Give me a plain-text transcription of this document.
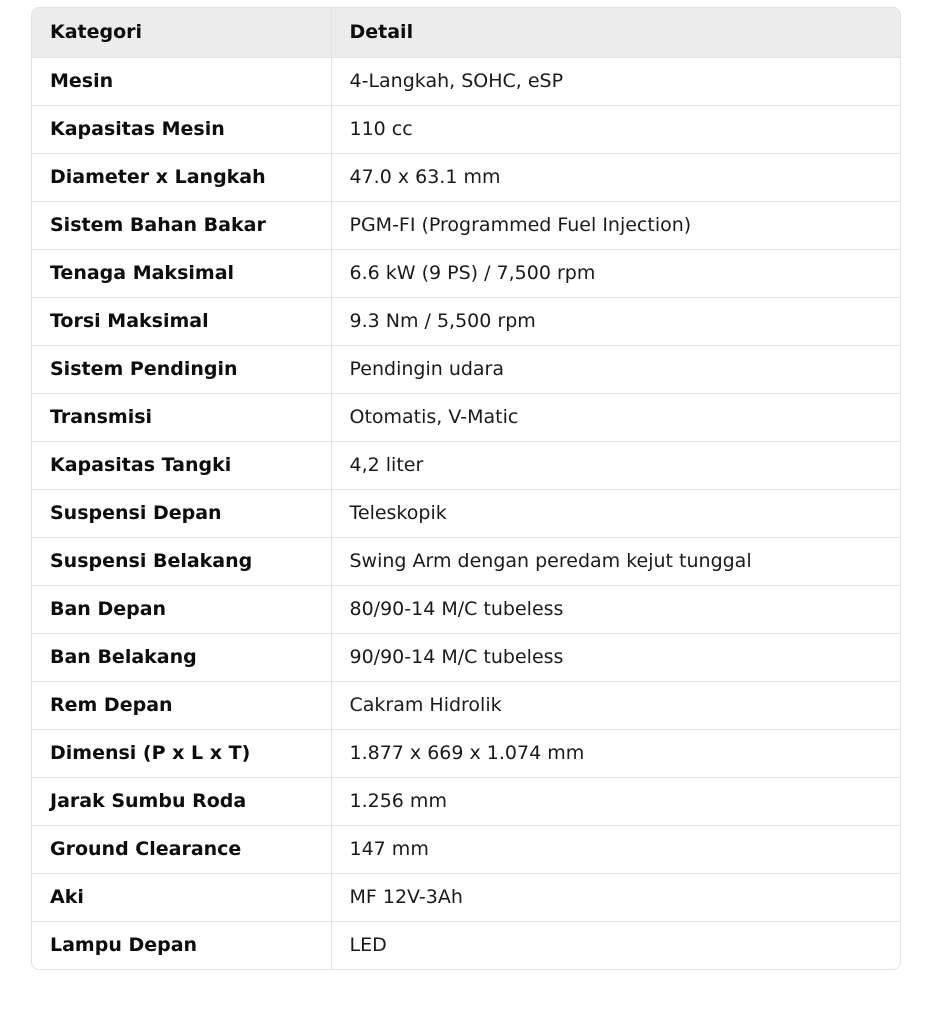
Kategori	Detail
Mesin	4-Langkah, SOHC, eSP
Kapasitas Mesin	110 cc
Diameter x Langkah	47.0 x 63.1 mm
Sistem Bahan Bakar	PGM-FI (Programmed Fuel Injection)
Tenaga Maksimal	6.6 kW (9 PS) / 7,500 rpm
Torsi Maksimal	9.3 Nm / 5,500 rpm
Sistem Pendingin	Pendingin udara
Transmisi	Otomatis, V-Matic
Kapasitas Tangki	4,2 liter
Suspensi Depan	Teleskopik
Suspensi Belakang	Swing Arm dengan peredam kejut tunggal
Ban Depan	80/90-14 M/C tubeless
Ban Belakang	90/90-14 M/C tubeless
Rem Depan	Cakram Hidrolik
Dimensi (P x L x T)	1.877 x 669 x 1.074 mm
Jarak Sumbu Roda	1.256 mm
Ground Clearance	147 mm
Aki	MF 12V-3Ah
Lampu Depan	LED
